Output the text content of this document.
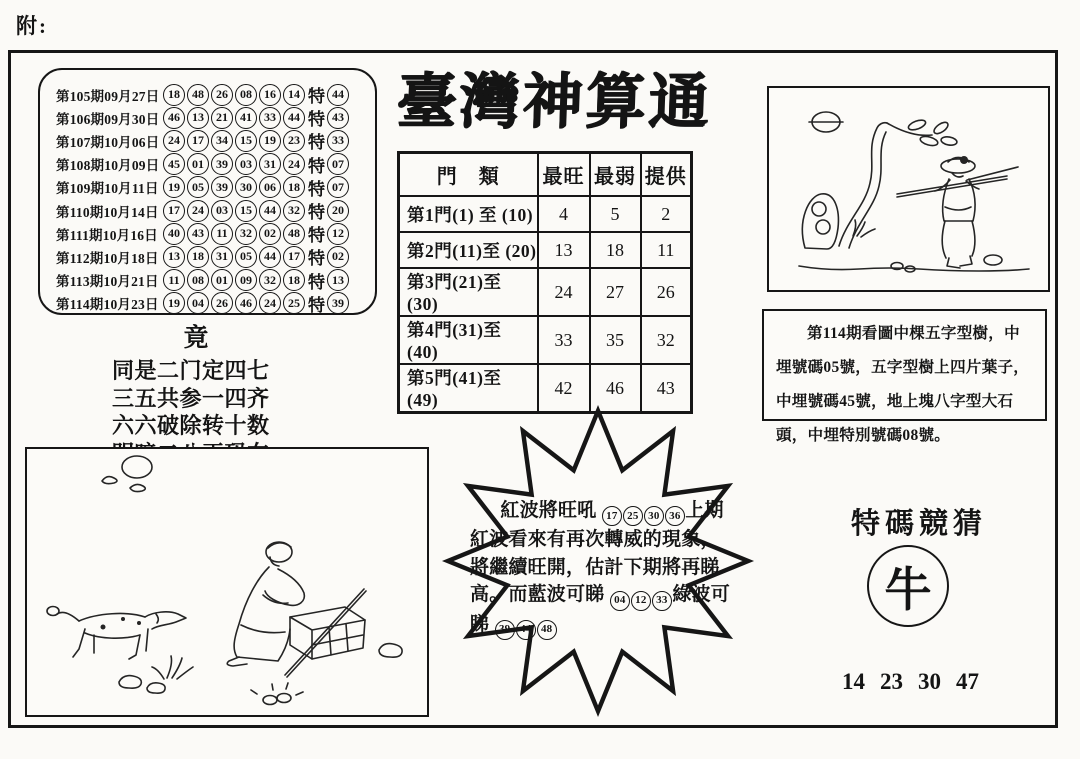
附:
第105期09月27日 18	48	26	08	16	14 特 44
第106期09月30日 46	13	21	41	33	44 特 43
第107期10月06日 24	17	34	15	19	23 特 33
第108期10月09日 45	01	39	03	31	24 特 07
第109期10月11日 19	05	39	30	06	18 特 07
第110期10月14日 17	24	03	15	44	32 特 20
第111期10月16日 40	43	11	32	02	48 特 12
第112期10月18日 13	18	31	05	44	17 特 02
第113期10月21日 11	08	01	09	32	18 特 13
第114期10月23日 19	04	26	46	24	25 特 39
臺灣神算通
門　類	最旺	最弱	提供
第1門(1) 至 (10)	4	5	2
第2門(11)至 (20)	13	18	11
第3門(21)至 (30)	24	27	26
第4門(31)至 (40)	33	35	32
第5門(41)至 (49)	42	46	43

第114期看圖中棵五字型樹，中埋號碼05號，五字型樹上四片葉子，中埋號碼45號，地上塊八字型大石頭，中埋特別號碼08號。

竟

同是二门定四七

三五共参一四齐

六六破除转十数

紅波將旺吼 17 25 30 36 上期紅波看來有再次轉威的現象，將繼續旺開，估計下期將再睇高。而藍波可睇 04 12 33 綠波可睇 39 44 48

特碼競猜
牛
14 23 30 47
